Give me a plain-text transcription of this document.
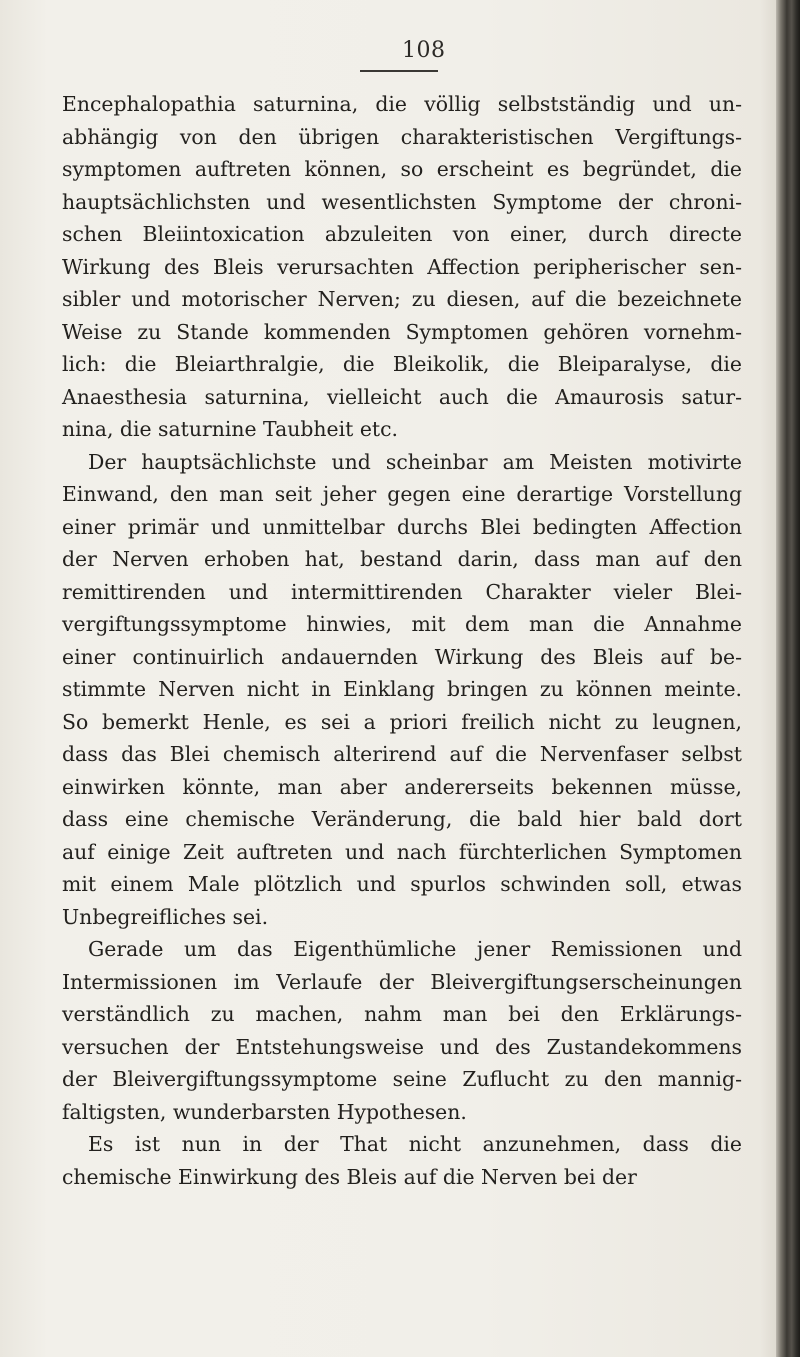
108

Encephalopathia saturnina, die völlig selbstständig und un-

abhängig von den übrigen charakteristischen Vergiftungs-

symptomen auftreten können, so erscheint es begründet, die

hauptsächlichsten und wesentlichsten Symptome der chroni-

schen Bleiintoxication abzuleiten von einer, durch directe

Wirkung des Bleis verursachten Affection peripherischer sen-

sibler und motorischer Nerven; zu diesen, auf die bezeichnete

Weise zu Stande kommenden Symptomen gehören vornehm-

lich: die Bleiarthralgie, die Bleikolik, die Bleiparalyse, die

Anaesthesia saturnina, vielleicht auch die Amaurosis satur-

nina, die saturnine Taubheit etc.

Der hauptsächlichste und scheinbar am Meisten motivirte

Einwand, den man seit jeher gegen eine derartige Vorstellung

einer primär und unmittelbar durchs Blei bedingten Affection

der Nerven erhoben hat, bestand darin, dass man auf den

remittirenden und intermittirenden Charakter vieler Blei-

vergiftungssymptome hinwies, mit dem man die Annahme

einer continuirlich andauernden Wirkung des Bleis auf be-

stimmte Nerven nicht in Einklang bringen zu können meinte.

So bemerkt Henle, es sei a priori freilich nicht zu leugnen,

dass das Blei chemisch alterirend auf die Nervenfaser selbst

einwirken könnte, man aber andererseits bekennen müsse,

dass eine chemische Veränderung, die bald hier bald dort

auf einige Zeit auftreten und nach fürchterlichen Symptomen

mit einem Male plötzlich und spurlos schwinden soll, etwas

Unbegreifliches sei.

Gerade um das Eigenthümliche jener Remissionen und

Intermissionen im Verlaufe der Bleivergiftungserscheinungen

verständlich zu machen, nahm man bei den Erklärungs-

versuchen der Entstehungsweise und des Zustandekommens

der Bleivergiftungssymptome seine Zuflucht zu den mannig-

faltigsten, wunderbarsten Hypothesen.

Es ist nun in der That nicht anzunehmen, dass die

chemische Einwirkung des Bleis auf die Nerven bei der
